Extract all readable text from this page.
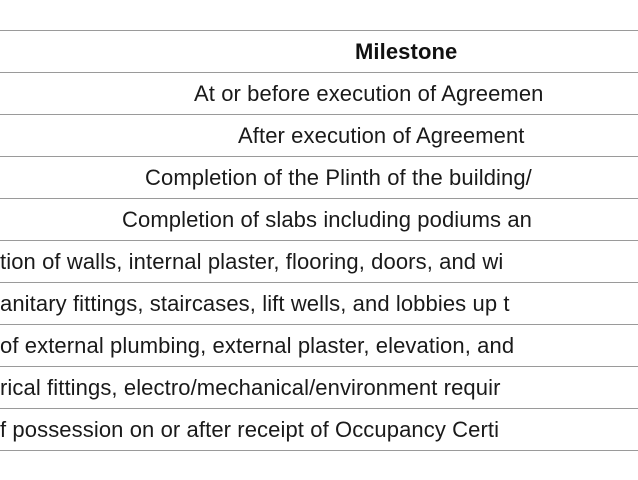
Milestone
At or before execution of Agreemen
After execution of Agreement
Completion of the Plinth of the building/
Completion of slabs including podiums an
tion of walls, internal plaster, flooring, doors, and wi
anitary fittings, staircases, lift wells, and lobbies up t
of external plumbing, external plaster, elevation, and
rical fittings, electro/mechanical/environment requir
f possession on or after receipt of Occupancy Certi
